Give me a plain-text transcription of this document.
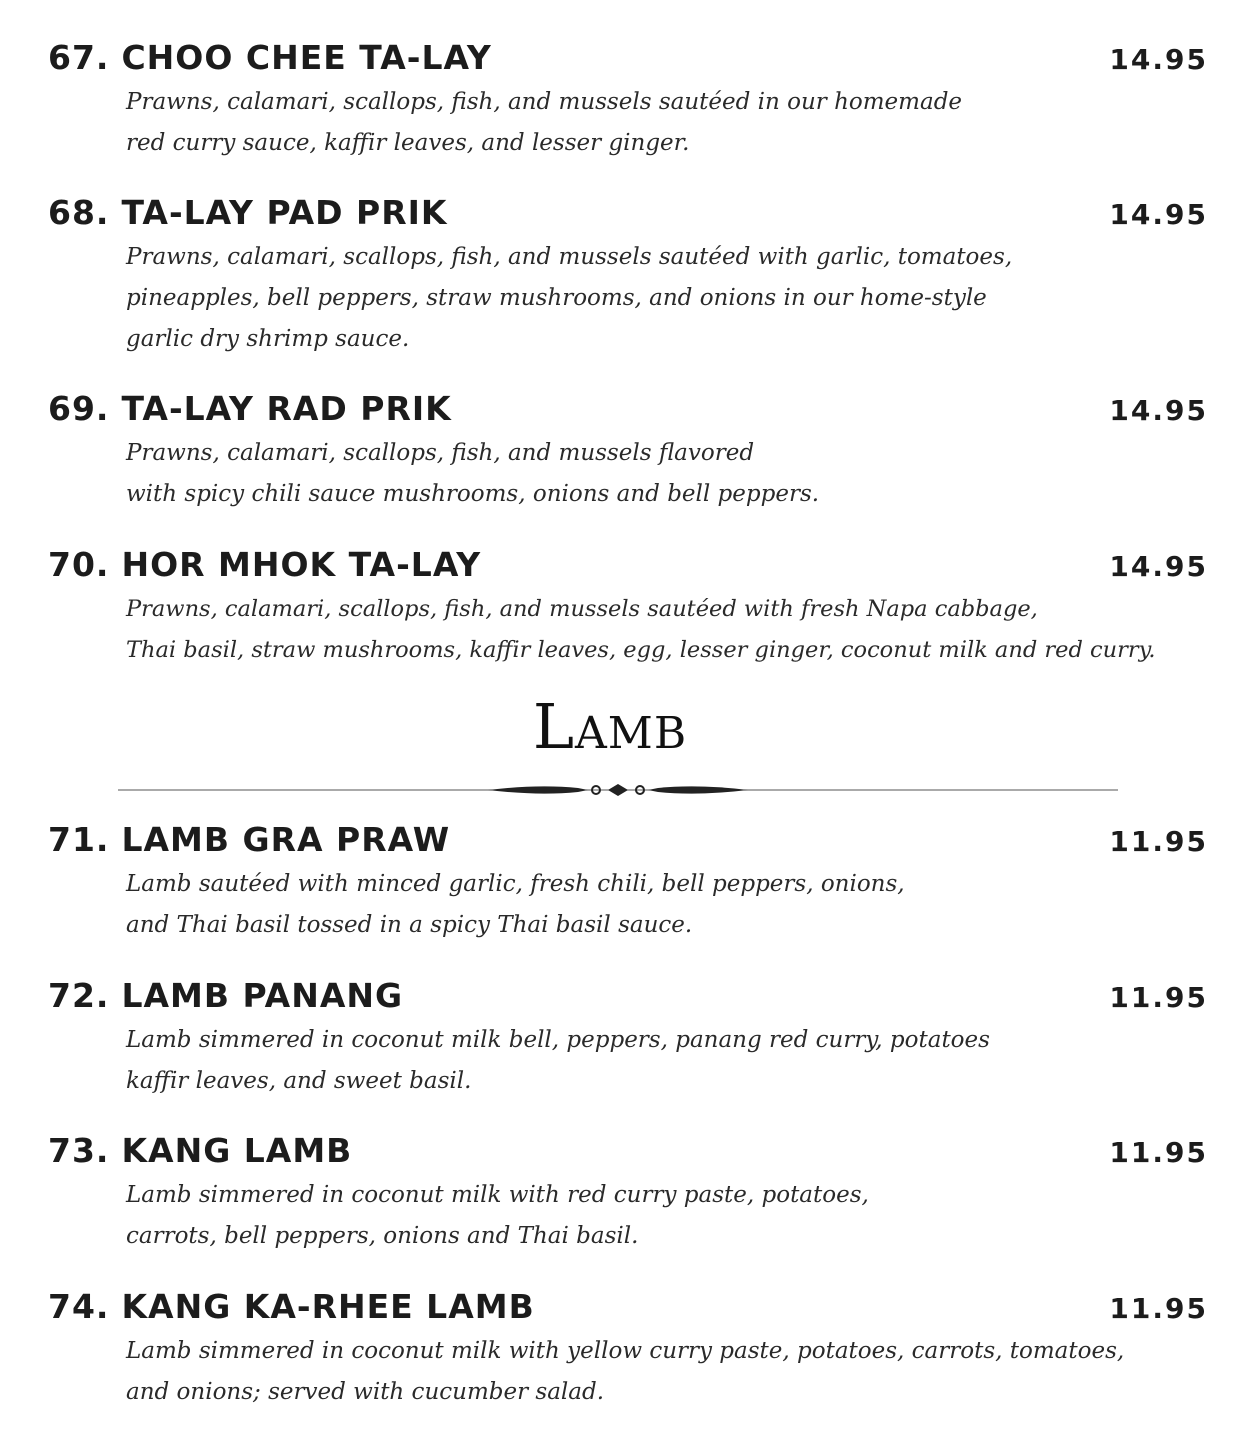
67. CHOO CHEE TA-LAY	14.95
Prawns, calamari, scallops, fish, and mussels sautéed in our homemade
red curry sauce, kaffir leaves, and lesser ginger.
68. TA-LAY PAD PRIK	14.95
Prawns, calamari, scallops, fish, and mussels sautéed with garlic, tomatoes,
pineapples, bell peppers, straw mushrooms, and onions in our home-style
garlic dry shrimp sauce.
69. TA-LAY RAD PRIK	14.95
Prawns, calamari, scallops, fish, and mussels flavored
with spicy chili sauce mushrooms, onions and bell peppers.
70. HOR MHOK TA-LAY	14.95
Prawns, calamari, scallops, fish, and mussels sautéed with fresh Napa cabbage,
Thai basil, straw mushrooms, kaffir leaves, egg, lesser ginger, coconut milk and red curry.
LAMB
71. LAMB GRA PRAW	11.95
Lamb sautéed with minced garlic, fresh chili, bell peppers, onions,
and Thai basil tossed in a spicy Thai basil sauce.
72. LAMB PANANG	11.95
Lamb simmered in coconut milk bell, peppers, panang red curry, potatoes
kaffir leaves, and sweet basil.
73. KANG LAMB	11.95
Lamb simmered in coconut milk with red curry paste, potatoes,
carrots, bell peppers, onions and Thai basil.
74. KANG KA-RHEE LAMB	11.95
Lamb simmered in coconut milk with yellow curry paste, potatoes, carrots, tomatoes,
and onions; served with cucumber salad.
